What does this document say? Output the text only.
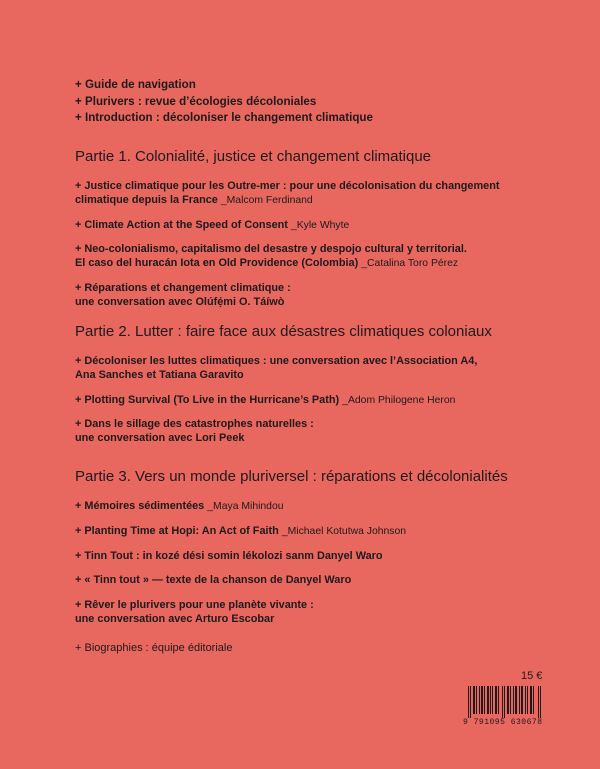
+ Guide de navigation
+ Plurivers : revue d’écologies décoloniales
+ Introduction : décoloniser le changement climatique
Partie 1. Colonialité, justice et changement climatique
+ Justice climatique pour les Outre-mer : pour une décolonisation du changement
climatique depuis la France _Malcom Ferdinand
+ Climate Action at the Speed of Consent _Kyle Whyte
+ Neo-colonialismo, capitalismo del desastre y despojo cultural y territorial.
El caso del huracán Iota en Old Providence (Colombia) _Catalina Toro Pérez
+ Réparations et changement climatique :
une conversation avec Olúfẹ́mi O. Táíwò
Partie 2. Lutter : faire face aux désastres climatiques coloniaux
+ Décoloniser les luttes climatiques : une conversation avec l’Association A4,
Ana Sanches et Tatiana Garavito
+ Plotting Survival (To Live in the Hurricane’s Path) _Adom Philogene Heron
+ Dans le sillage des catastrophes naturelles :
une conversation avec Lori Peek
Partie 3. Vers un monde pluriversel : réparations et décolonialités
+ Mémoires sédimentées _Maya Mihindou
+ Planting Time at Hopi: An Act of Faith _Michael Kotutwa Johnson
+ Tinn Tout : in kozé dési somin lékolozi sanm Danyel Waro
+ « Tinn tout » — texte de la chanson de Danyel Waro
+ Rêver le plurivers pour une planète vivante :
une conversation avec Arturo Escobar
+ Biographies : équipe éditoriale
15 €
9 791095 630678
